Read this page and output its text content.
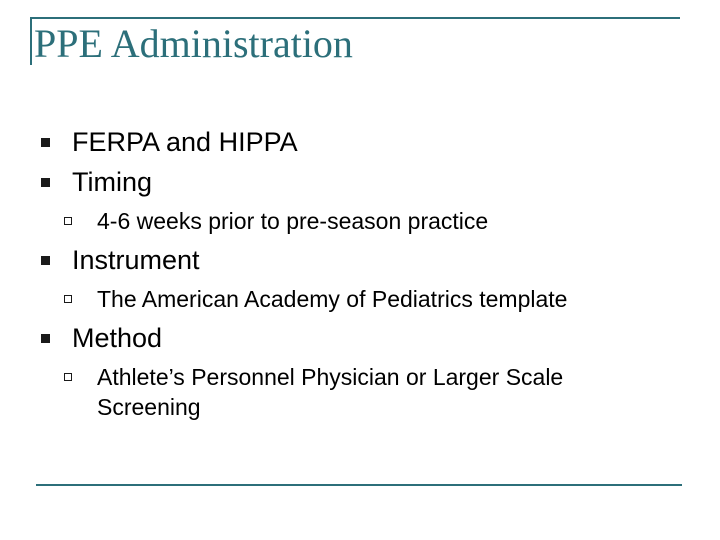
PPE Administration
FERPA and HIPPA
Timing
4-6 weeks prior to pre-season practice
Instrument
The American Academy of Pediatrics template
Method
Athlete’s Personnel Physician or Larger Scale Screening
